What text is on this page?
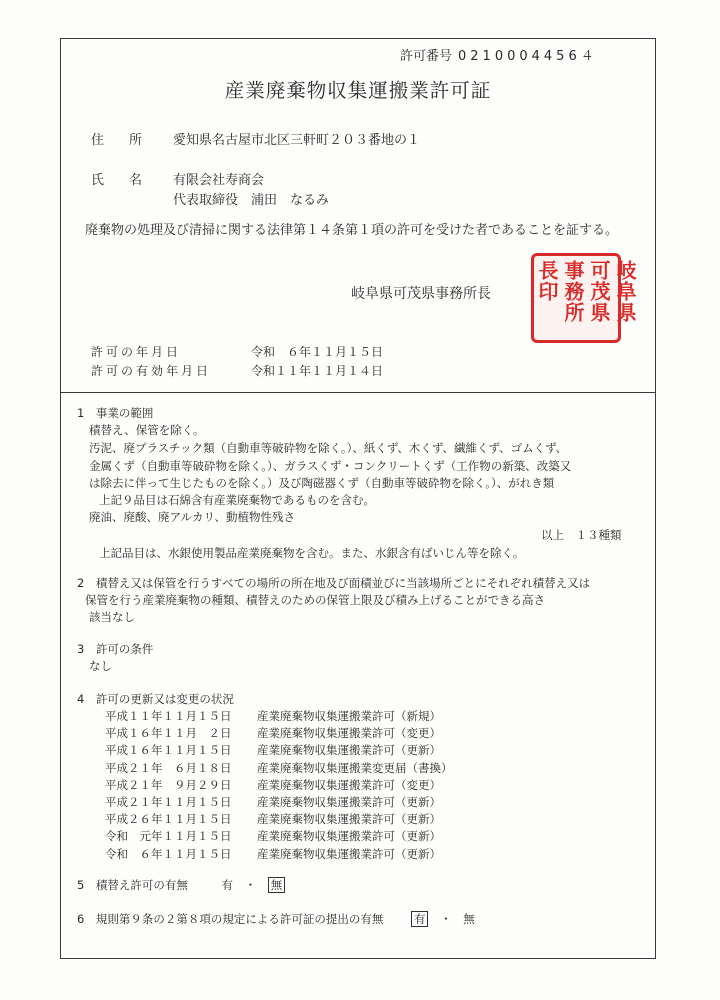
許可番号 0210004456４
産業廃棄物収集運搬業許可証
住　所 愛知県名古屋市北区三軒町２０３番地の１
氏　名 有限会社寿商会
代表取締役　浦田　なるみ
廃棄物の処理及び清掃に関する法律第１４条第１項の許可を受けた者であることを証する。
岐阜県可茂県事務所長	岐阜県可茂県事務所長印
許可の年月日	令和　６年１１月１５日
許可の有効年月日	令和１１年１１月１４日
1　事業の範囲
積替え、保管を除く。
汚泥、廃プラスチック類（自動車等破砕物を除く。）、紙くず、木くず、繊維くず、ゴムくず、
金属くず（自動車等破砕物を除く。）、ガラスくず・コンクリートくず（工作物の新築、改築又
は除去に伴って生じたものを除く。）及び陶磁器くず（自動車等破砕物を除く。）、がれき類
上記９品目は石綿含有産業廃棄物であるものを含む。
廃油、廃酸、廃アルカリ、動植物性残さ
以上　１３種類
上記品目は、水銀使用製品産業廃棄物を含む。また、水銀含有ばいじん等を除く。
2　積替え又は保管を行うすべての場所の所在地及び面積並びに当該場所ごとにそれぞれ積替え又は
保管を行う産業廃棄物の種類、積替えのための保管上限及び積み上げることができる高さ
該当なし
3　許可の条件
なし
4　許可の更新又は変更の状況
平成１１年１１月１５日 産業廃棄物収集運搬業許可（新規）
平成１６年１１月　２日 産業廃棄物収集運搬業許可（変更）
平成１６年１１月１５日 産業廃棄物収集運搬業許可（更新）
平成２１年　６月１８日 産業廃棄物収集運搬業変更届（書換）
平成２１年　９月２９日 産業廃棄物収集運搬業許可（変更）
平成２１年１１月１５日 産業廃棄物収集運搬業許可（更新）
平成２６年１１月１５日 産業廃棄物収集運搬業許可（更新）
令和　元年１１月１５日 産業廃棄物収集運搬業許可（更新）
令和　６年１１月１５日 産業廃棄物収集運搬業許可（更新）
5　積替え許可の有無	有 ・ 無
6　規則第９条の２第８項の規定による許可証の提出の有無	有 ・ 無
